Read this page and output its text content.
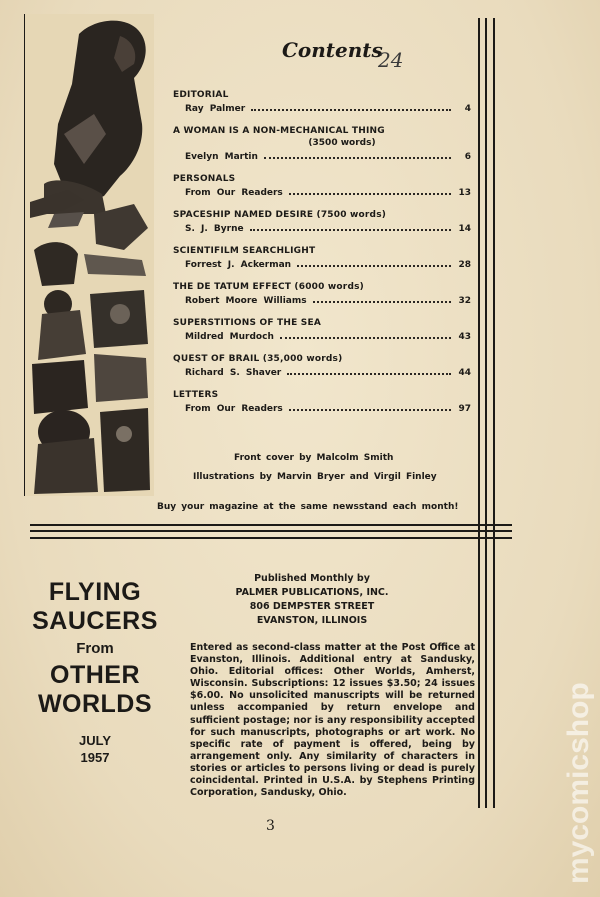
Contents
24
EDITORIAL
Ray Palmer	4
A WOMAN IS A NON-MECHANICAL THING
(3500 words)
Evelyn Martin	6
PERSONALS
From Our Readers	13
SPACESHIP NAMED DESIRE (7500 words)
S. J. Byrne	14
SCIENTIFILM SEARCHLIGHT
Forrest J. Ackerman	28
THE DE TATUM EFFECT (6000 words)
Robert Moore Williams	32
SUPERSTITIONS OF THE SEA
Mildred Murdoch	43
QUEST OF BRAIL (35,000 words)
Richard S. Shaver	44
LETTERS
From Our Readers	97
Front cover by Malcolm Smith
Illustrations by Marvin Bryer and Virgil Finley
Buy your magazine at the same newsstand each month!
FLYING
SAUCERS
From
OTHER
WORLDS
JULY
1957
Published Monthly by
PALMER PUBLICATIONS, INC.
806 DEMPSTER STREET
EVANSTON, ILLINOIS
Entered as second-class matter at the Post Office at Evanston, Illinois. Additional entry at Sandusky, Ohio. Editorial offices: Other Worlds, Amherst, Wisconsin. Subscriptions: 12 issues $3.50; 24 issues $6.00. No unsolicited manuscripts will be returned unless accompanied by return envelope and sufficient postage; nor is any responsibility accepted for such manuscripts, photographs or art work. No specific rate of payment is offered, being by arrangement only. Any similarity of characters in stories or articles to persons living or dead is purely coincidental. Printed in U.S.A. by Stephens Printing Corporation, Sandusky, Ohio.
3	mycomicshop
